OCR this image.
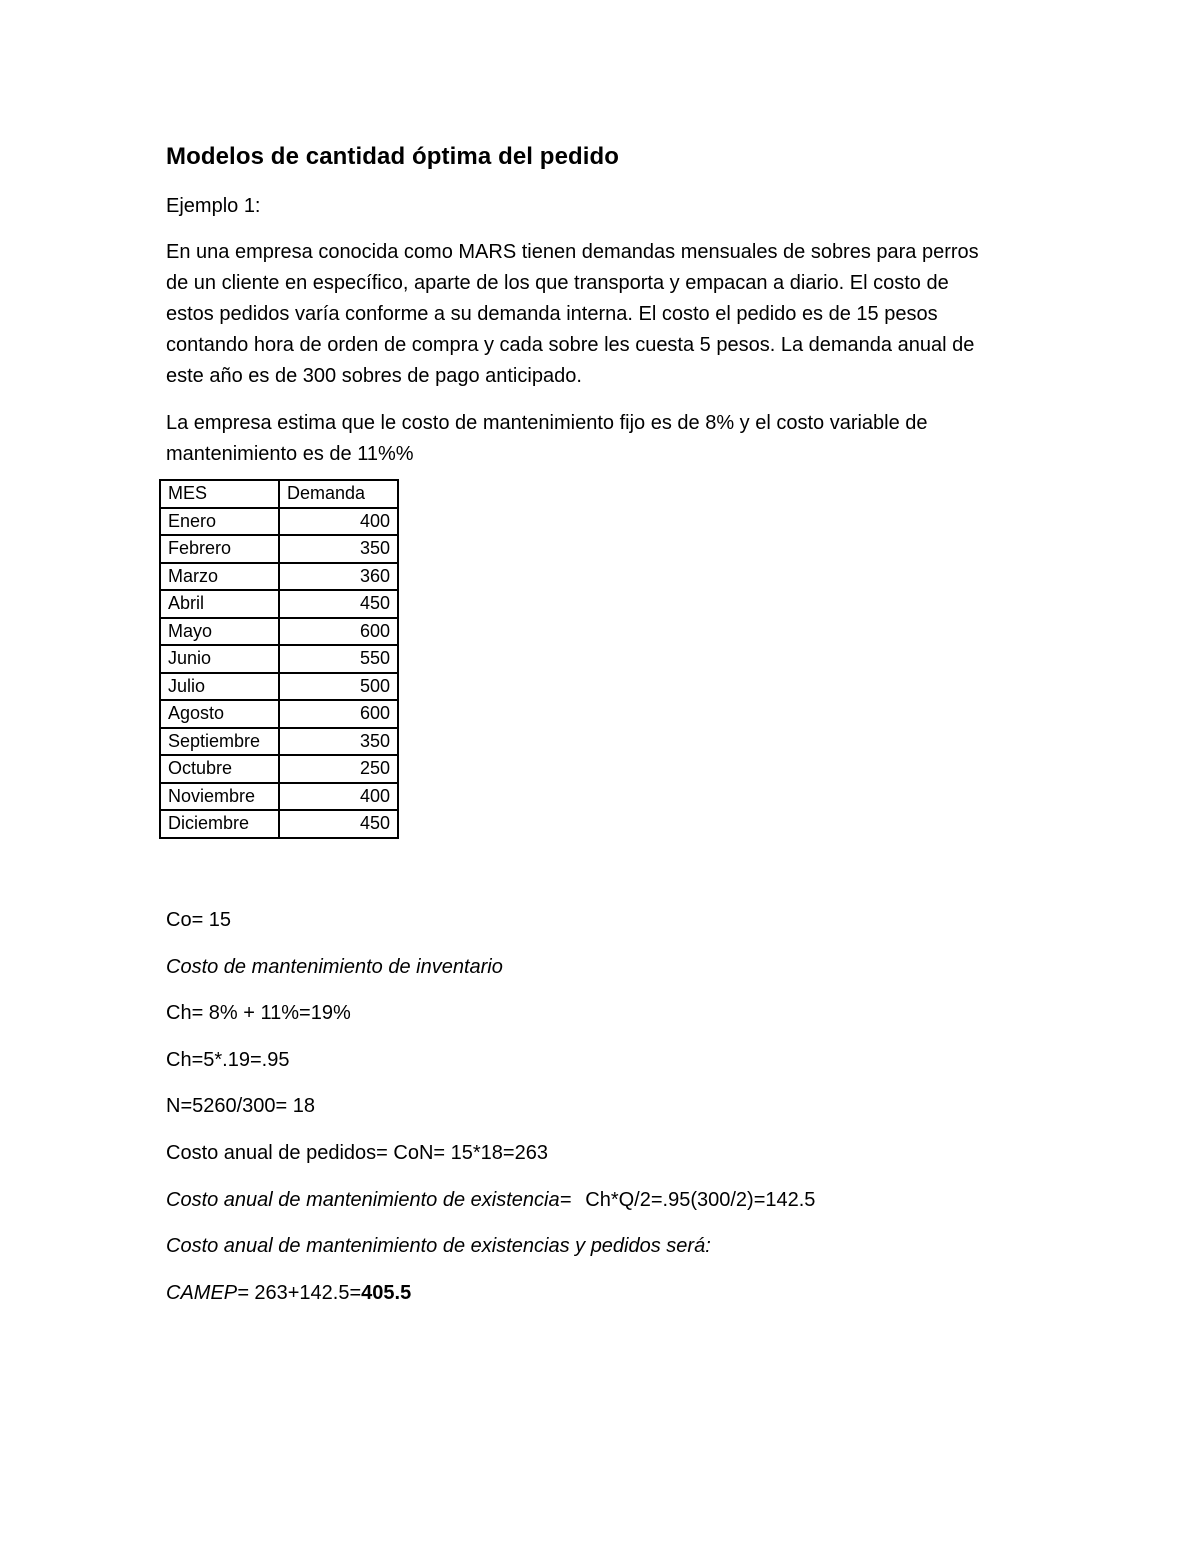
Modelos de cantidad óptima del pedido

Ejemplo 1:

En una empresa conocida como MARS tienen demandas mensuales de sobres para perros
de un cliente en específico, aparte de los que transporta y empacan a diario. El costo de
estos pedidos varía conforme a su demanda interna. El costo el pedido es de 15 pesos
contando hora de orden de compra y cada sobre les cuesta 5 pesos. La demanda anual de
este año es de 300 sobres de pago anticipado.

La empresa estima que le costo de mantenimiento fijo es de 8% y el costo variable de
mantenimiento es de 11%%

MES	Demanda
Enero	400
Febrero	350
Marzo	360
Abril	450
Mayo	600
Junio	550
Julio	500
Agosto	600
Septiembre	350
Octubre	250
Noviembre	400
Diciembre	450

Co= 15

Costo de mantenimiento de inventario

Ch= 8% + 11%=19%

Ch=5*.19=.95

N=5260/300= 18

Costo anual de pedidos= CoN= 15*18=263

Costo anual de mantenimiento de existencia= Ch*Q/2=.95(300/2)=142.5

Costo anual de mantenimiento de existencias y pedidos será:

CAMEP= 263+142.5=405.5
